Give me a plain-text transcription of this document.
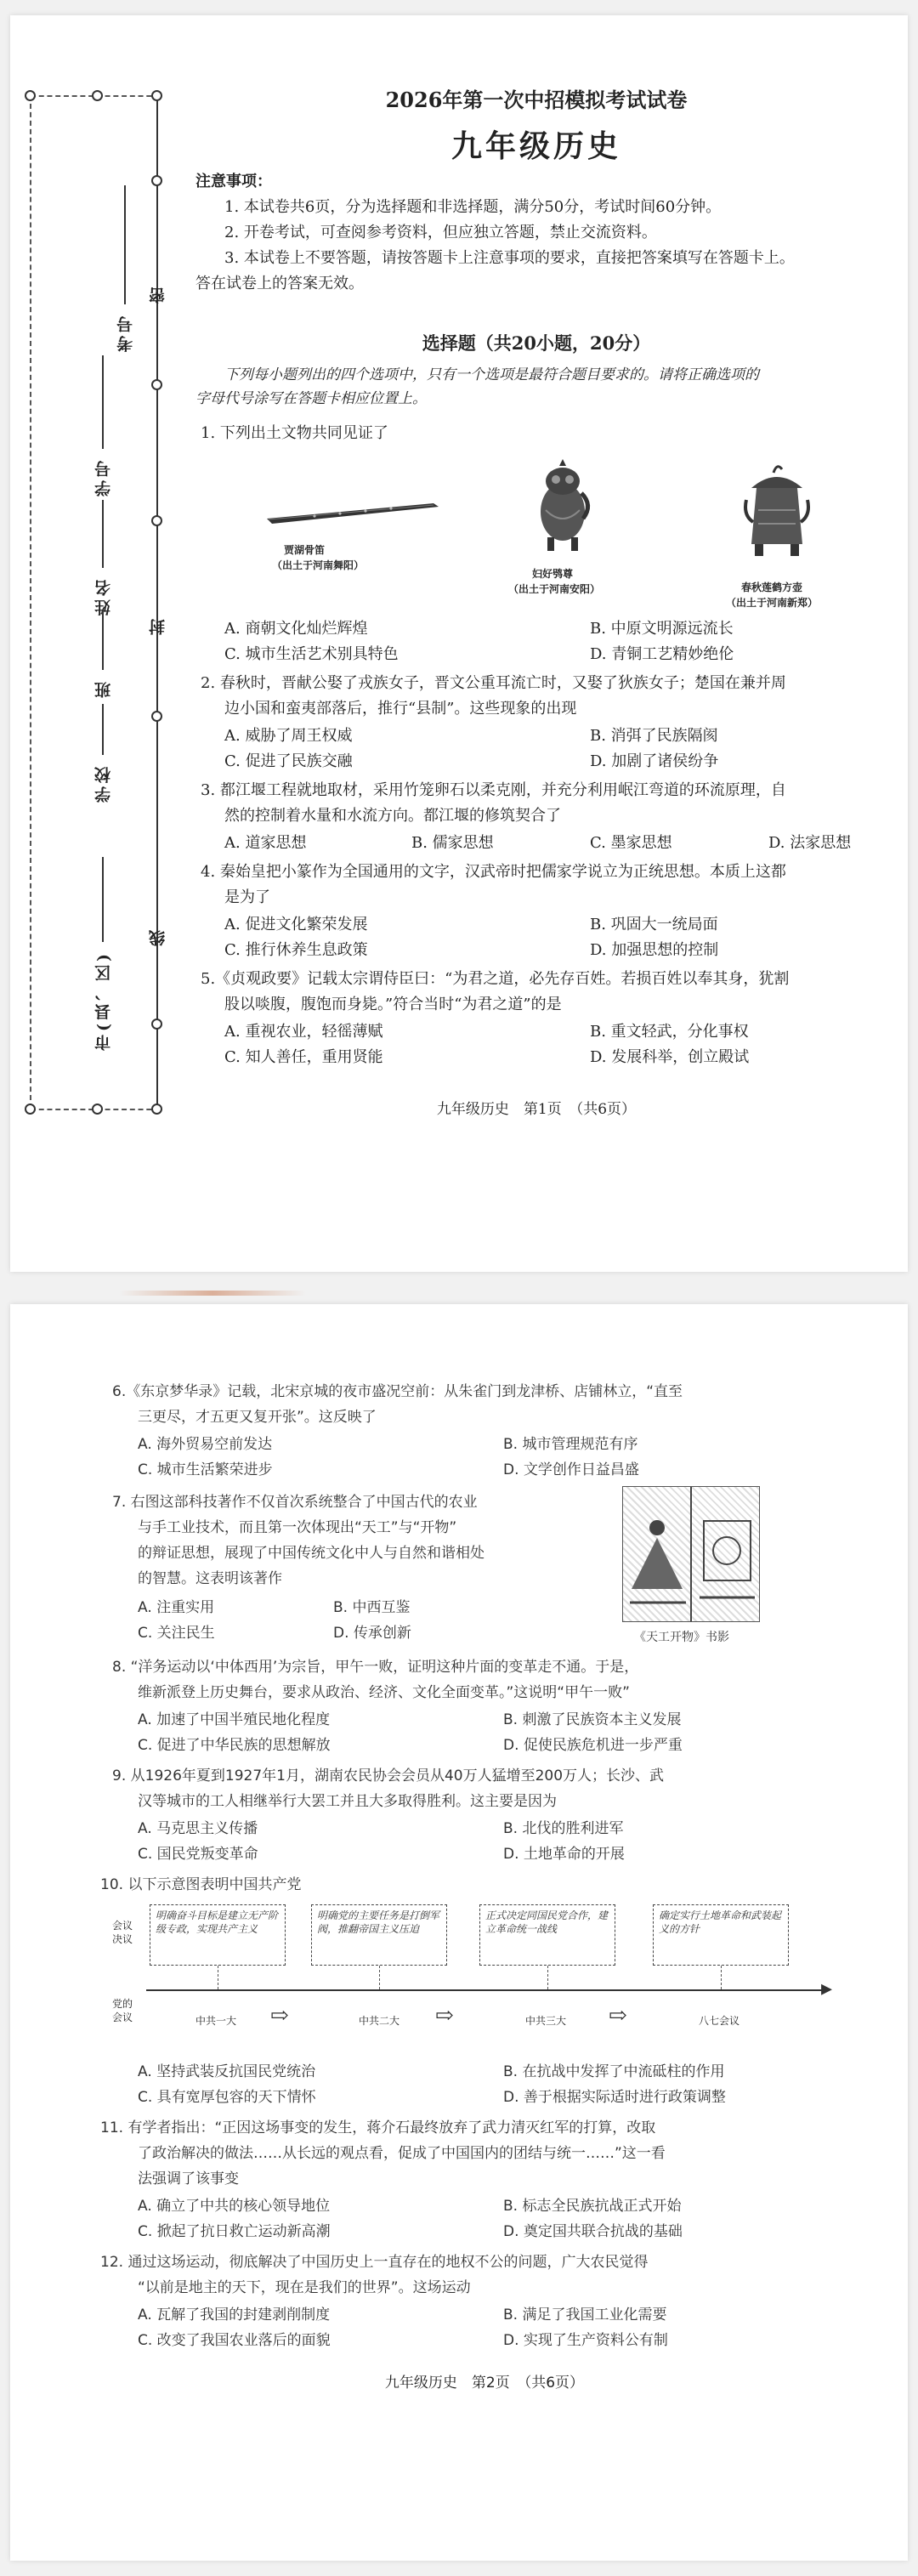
考号
学号
姓名
班
学校
市(县、区)
密
封
线
2026年第一次中招模拟考试试卷
九年级历史
注意事项：
1. 本试卷共6页，分为选择题和非选择题，满分50分，考试时间60分钟。
2. 开卷考试，可查阅参考资料，但应独立答题，禁止交流资料。
3. 本试卷上不要答题，请按答题卡上注意事项的要求，直接把答案填写在答题卡上。
答在试卷上的答案无效。
选择题（共20小题，20分）
下列每小题列出的四个选项中，只有一个选项是最符合题目要求的。请将正确选项的
字母代号涂写在答题卡相应位置上。
1. 下列出土文物共同见证了
贾湖骨笛
（出土于河南舞阳）
妇好鸮尊
（出土于河南安阳）	春秋莲鹤方壶
（出土于河南新郑）
A. 商朝文化灿烂辉煌	B. 中原文明源远流长
C. 城市生活艺术别具特色	D. 青铜工艺精妙绝伦
2. 春秋时，晋献公娶了戎族女子，晋文公重耳流亡时，又娶了狄族女子；楚国在兼并周
边小国和蛮夷部落后，推行“县制”。这些现象的出现
A. 威胁了周王权威	B. 消弭了民族隔阂
C. 促进了民族交融	D. 加剧了诸侯纷争
3. 都江堰工程就地取材，采用竹笼卵石以柔克刚，并充分利用岷江弯道的环流原理，自
然的控制着水量和水流方向。都江堰的修筑契合了
A. 道家思想	B. 儒家思想	C. 墨家思想	D. 法家思想
4. 秦始皇把小篆作为全国通用的文字，汉武帝时把儒家学说立为正统思想。本质上这都
是为了
A. 促进文化繁荣发展	B. 巩固大一统局面
C. 推行休养生息政策	D. 加强思想的控制
5.《贞观政要》记载太宗谓侍臣曰：“为君之道，必先存百姓。若损百姓以奉其身，犹割
股以啖腹，腹饱而身毙。”符合当时“为君之道”的是
A. 重视农业，轻徭薄赋	B. 重文轻武，分化事权
C. 知人善任，重用贤能	D. 发展科举，创立殿试
九年级历史　第1页　（共6页）
6.《东京梦华录》记载，北宋京城的夜市盛况空前：从朱雀门到龙津桥、店铺林立，“直至
三更尽，才五更又复开张”。这反映了
A. 海外贸易空前发达	B. 城市管理规范有序
C. 城市生活繁荣进步	D. 文学创作日益昌盛
7. 右图这部科技著作不仅首次系统整合了中国古代的农业
与手工业技术，而且第一次体现出“天工”与“开物”
的辩证思想，展现了中国传统文化中人与自然和谐相处
的智慧。这表明该著作
A. 注重实用	B. 中西互鉴
C. 关注民生	D. 传承创新	《天工开物》书影
8. “洋务运动以‘中体西用’为宗旨，甲午一败，证明这种片面的变革走不通。于是，
维新派登上历史舞台，要求从政治、经济、文化全面变革。”这说明“甲午一败”
A. 加速了中国半殖民地化程度	B. 刺激了民族资本主义发展
C. 促进了中华民族的思想解放	D. 促使民族危机进一步严重
9. 从1926年夏到1927年1月，湖南农民协会会员从40万人猛增至200万人；长沙、武
汉等城市的工人相继举行大罢工并且大多取得胜利。这主要是因为
A. 马克思主义传播	B. 北伐的胜利进军
C. 国民党叛变革命	D. 土地革命的开展
10. 以下示意图表明中国共产党
会议决议
党的会议
明确奋斗目标是建立无产阶级专政，实现共产主义
明确党的主要任务是打倒军阀，推翻帝国主义压迫
正式决定同国民党合作，建立革命统一战线
确定实行土地革命和武装起义的方针
▸
中共一大 ⇨	中共二大 ⇨	中共三大 ⇨	八七会议
A. 坚持武装反抗国民党统治	B. 在抗战中发挥了中流砥柱的作用
C. 具有宽厚包容的天下情怀	D. 善于根据实际适时进行政策调整
11. 有学者指出：“正因这场事变的发生，蒋介石最终放弃了武力清灭红军的打算，改取
了政治解决的做法……从长远的观点看，促成了中国国内的团结与统一……”这一看
法强调了该事变
A. 确立了中共的核心领导地位	B. 标志全民族抗战正式开始
C. 掀起了抗日救亡运动新高潮	D. 奠定国共联合抗战的基础
12. 通过这场运动，彻底解决了中国历史上一直存在的地权不公的问题，广大农民觉得
“以前是地主的天下，现在是我们的世界”。这场运动
A. 瓦解了我国的封建剥削制度	B. 满足了我国工业化需要
C. 改变了我国农业落后的面貌	D. 实现了生产资料公有制
九年级历史　第2页　（共6页）
